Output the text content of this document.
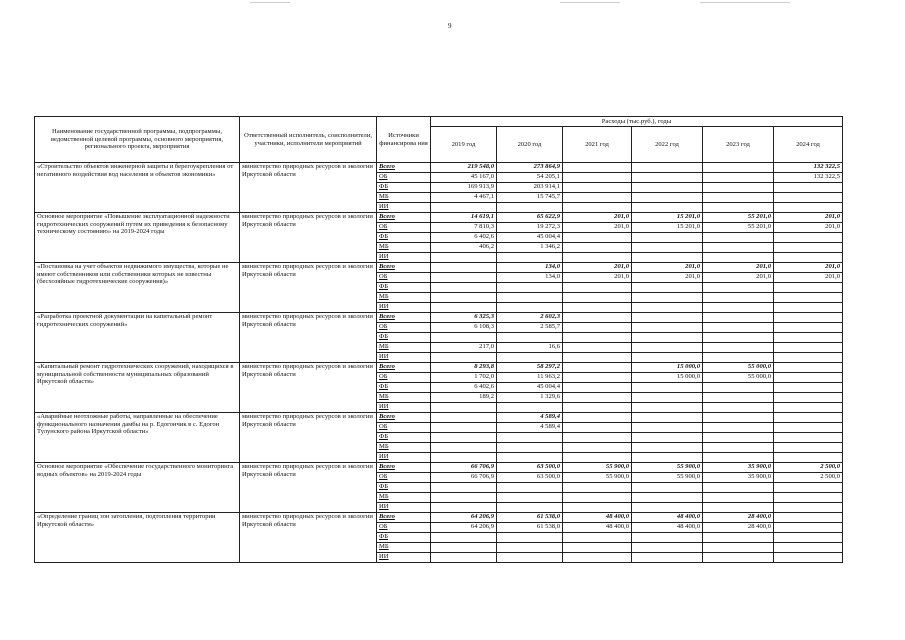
9
Наименование государственной программы, подпрограммы, ведомственной целевой программы, основного мероприятия, регионального проекта, мероприятия	Ответственный исполнитель, соисполнители, участники, исполнители мероприятий	Источники финансирова ния	Расходы (тыс.руб.), годы					
			2019 год	2020 год	2021 год	2022 год	2023 год	2024 год
«Строительство объектов инженерной защиты и берегоукрепления от негативного воздействия вод населения и объектов экономики»	министерство природных ресурсов и экологии Иркутской области	Всего	219 548,0	273 864,9				132 322,5
		ОБ	45 167,0	54 205,1				132 322,5
		ФБ	169 913,9	203 914,1				
		МБ	4 467,1	15 745,7				
		ИИ						
Основное мероприятие «Повышение эксплуатационной надежности гидротехнических сооружений путем их приведения к безопасному техническому состоянию» на 2019-2024 годы	министерство природных ресурсов и экологии Иркутской области	Всего	14 619,1	65 622,9	201,0	15 201,0	55 201,0	201,0
		ОБ	7 810,3	19 272,3	201,0	15 201,0	55 201,0	201,0
		ФБ	6 402,6	45 004,4				
		МБ	406,2	1 346,2				
		ИИ						
«Постановка на учет объектов недвижимого имущества, которые не имеют собственников или собственники которых не известны (бесхозяйные гидротехнические сооружения)»	министерство природных ресурсов и экологии Иркутской области	Всего		134,0	201,0	201,0	201,0	201,0
		ОБ		134,0	201,0	201,0	201,0	201,0
		ФБ						
		МБ						
		ИИ						
«Разработка проектной документации на капитальный ремонт гидротехнических сооружений»	министерство природных ресурсов и экологии Иркутской области	Всего	6 325,3	2 602,3				
		ОБ	6 108,3	2 585,7				
		ФБ						
		МБ	217,0	16,6				
		ИИ						
«Капитальный ремонт гидротехнических сооружений, находящихся в муниципальной собственности муниципальных образований Иркутской области»	министерство природных ресурсов и экологии Иркутской области	Всего	8 293,8	58 297,2		15 000,0	55 000,0	
		ОБ	1 702,0	11 963,2		15 000,0	55 000,0	
		ФБ	6 402,6	45 004,4				
		МБ	189,2	1 329,6				
		ИИ						
«Аварийные неотложные работы, направленные на обеспечение функционального назначения дамбы на р. Едогончик в с. Едогон Тулунского района Иркутской области»	министерство природных ресурсов и экологии Иркутской области	Всего		4 589,4				
		ОБ		4 589,4				
		ФБ						
		МБ						
		ИИ						
Основное мероприятие «Обеспечение государственного мониторинга водных объектов» на 2019-2024 годы	министерство природных ресурсов и экологии Иркутской области	Всего	66 706,9	63 500,0	55 900,0	55 900,0	35 900,0	2 500,0
		ОБ	66 706,9	63 500,0	55 900,0	55 900,0	35 900,0	2 500,0
		ФБ						
		МБ						
		ИИ						
«Определение границ зон затопления, подтопления территории Иркутской области»	министерство природных ресурсов и экологии Иркутской области	Всего	64 206,9	61 538,0	48 400,0	48 400,0	28 400,0	
		ОБ	64 206,9	61 538,0	48 400,0	48 400,0	28 400,0	
		ФБ						
		МБ						
		ИИ						
